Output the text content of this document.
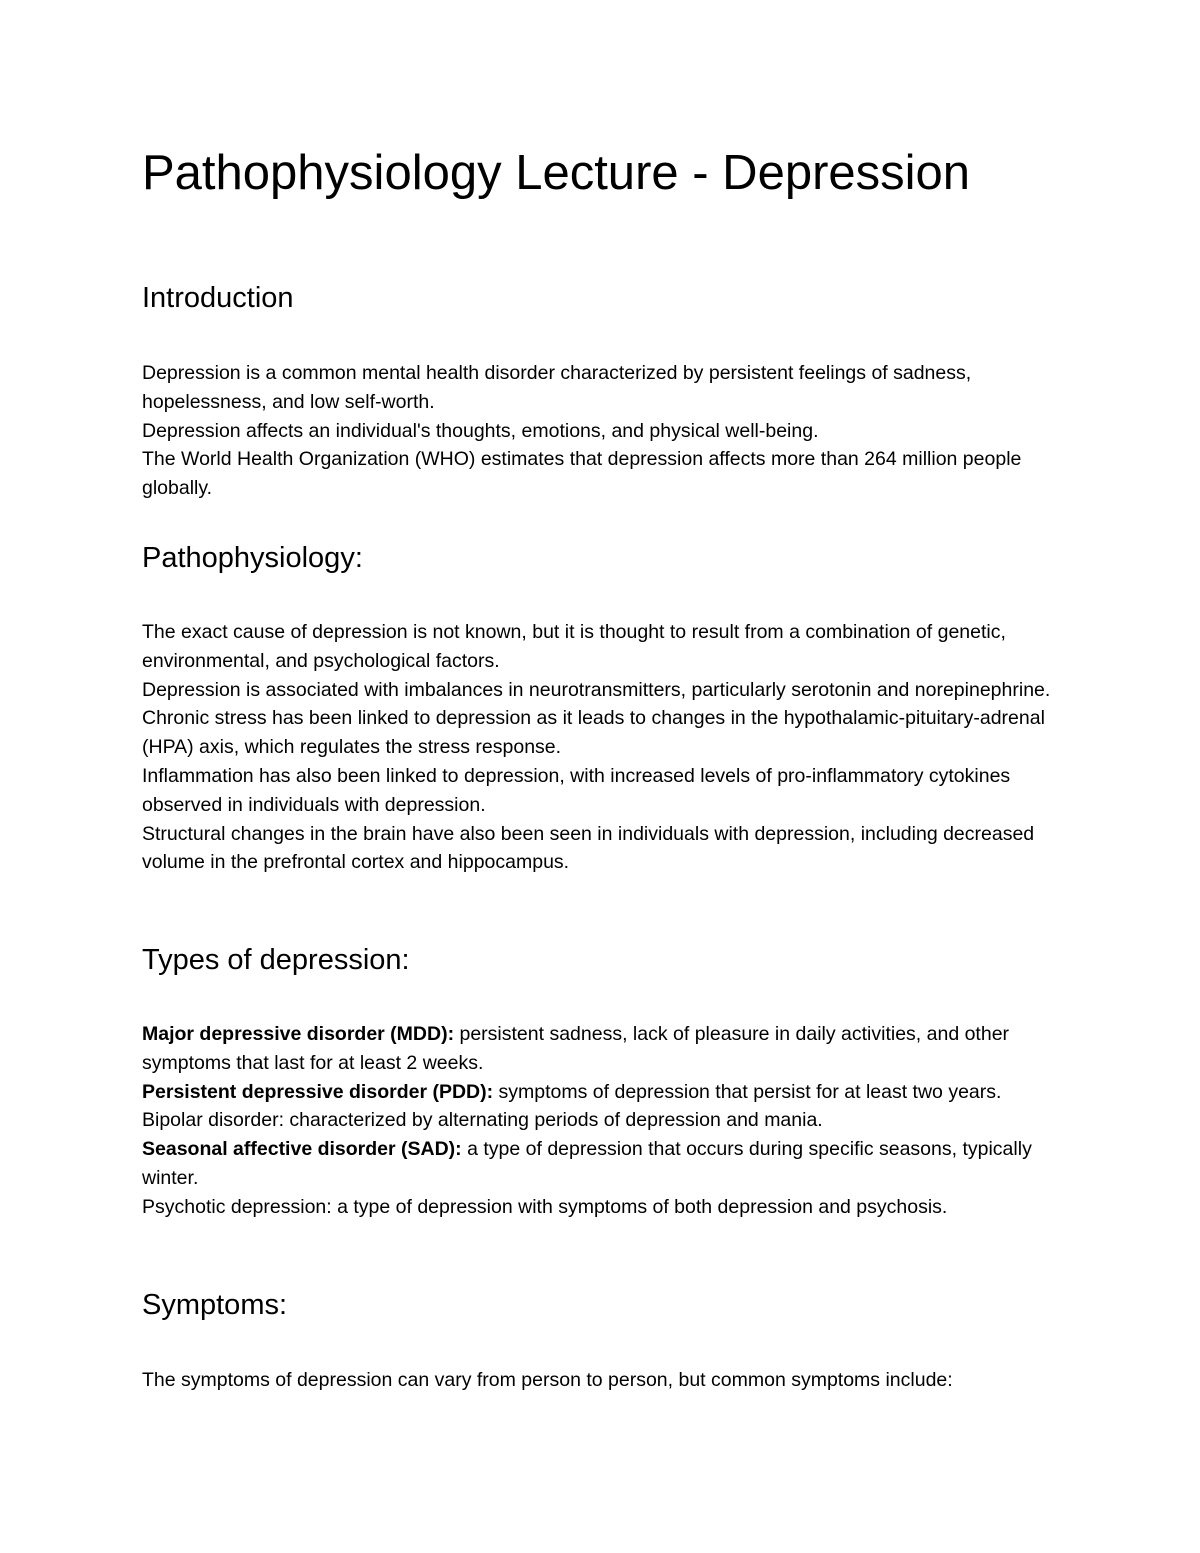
Pathophysiology Lecture - Depression
Introduction

Depression is a common mental health disorder characterized by persistent feelings of sadness, hopelessness, and low self-worth.

Depression affects an individual's thoughts, emotions, and physical well-being.

The World Health Organization (WHO) estimates that depression affects more than 264 million people globally.

Pathophysiology:

The exact cause of depression is not known, but it is thought to result from a combination of genetic, environmental, and psychological factors.

Depression is associated with imbalances in neurotransmitters, particularly serotonin and norepinephrine.

Chronic stress has been linked to depression as it leads to changes in the hypothalamic-pituitary-adrenal (HPA) axis, which regulates the stress response.

Inflammation has also been linked to depression, with increased levels of pro-inflammatory cytokines observed in individuals with depression.

Structural changes in the brain have also been seen in individuals with depression, including decreased volume in the prefrontal cortex and hippocampus.

Types of depression:

Major depressive disorder (MDD): persistent sadness, lack of pleasure in daily activities, and other symptoms that last for at least 2 weeks.

Persistent depressive disorder (PDD): symptoms of depression that persist for at least two years.

Bipolar disorder: characterized by alternating periods of depression and mania.

Seasonal affective disorder (SAD): a type of depression that occurs during specific seasons, typically winter.

Psychotic depression: a type of depression with symptoms of both depression and psychosis.

Symptoms:

The symptoms of depression can vary from person to person, but common symptoms include:
